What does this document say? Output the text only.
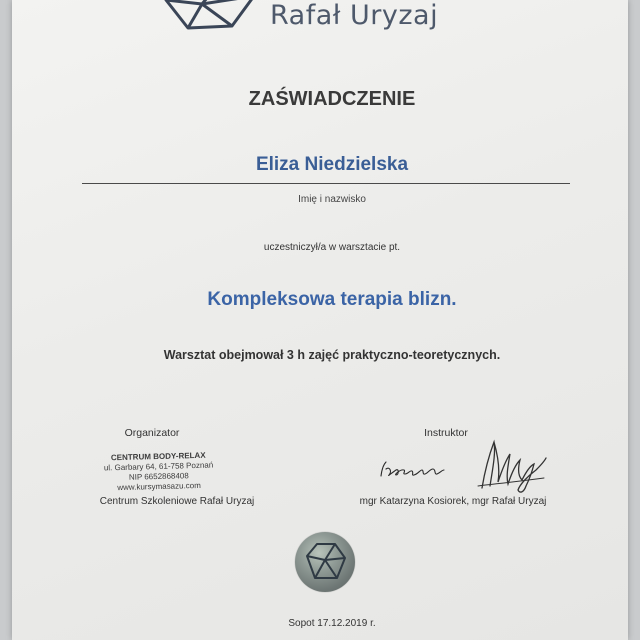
Rafał Uryzaj
ZAŚWIADCZENIE
Eliza Niedzielska
Imię i nazwisko
uczestniczył/a w warsztacie pt.
Kompleksowa terapia blizn.
Warsztat obejmował 3 h zajęć praktyczno-teoretycznych.
Organizator
CENTRUM BODY-RELAX
ul. Garbary 64, 61-758 Poznań
NIP 6652868408
www.kursymasazu.com
Centrum Szkoleniowe Rafał Uryzaj
Instruktor
mgr Katarzyna Kosiorek, mgr Rafał Uryzaj
Sopot 17.12.2019 r.
